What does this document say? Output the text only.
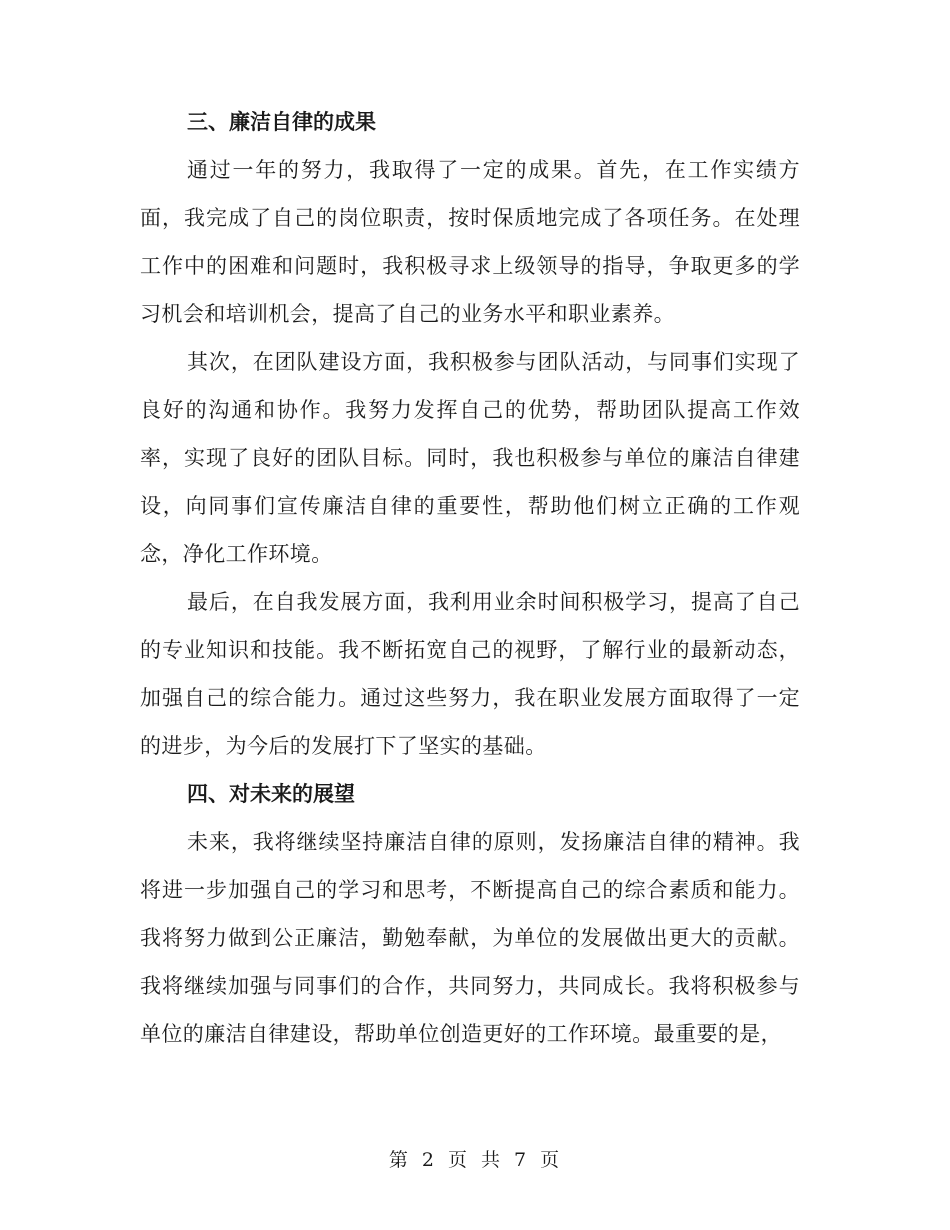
三、廉洁自律的成果

通过一年的努力，我取得了一定的成果。首先，在工作实绩方面，我完成了自己的岗位职责，按时保质地完成了各项任务。在处理工作中的困难和问题时，我积极寻求上级领导的指导，争取更多的学习机会和培训机会，提高了自己的业务水平和职业素养。

其次，在团队建设方面，我积极参与团队活动，与同事们实现了良好的沟通和协作。我努力发挥自己的优势，帮助团队提高工作效率，实现了良好的团队目标。同时，我也积极参与单位的廉洁自律建设，向同事们宣传廉洁自律的重要性，帮助他们树立正确的工作观念，净化工作环境。

最后，在自我发展方面，我利用业余时间积极学习，提高了自己的专业知识和技能。我不断拓宽自己的视野，了解行业的最新动态，加强自己的综合能力。通过这些努力，我在职业发展方面取得了一定的进步，为今后的发展打下了坚实的基础。

四、对未来的展望

未来，我将继续坚持廉洁自律的原则，发扬廉洁自律的精神。我将进一步加强自己的学习和思考，不断提高自己的综合素质和能力。我将努力做到公正廉洁，勤勉奉献，为单位的发展做出更大的贡献。我将继续加强与同事们的合作，共同努力，共同成长。我将积极参与单位的廉洁自律建设，帮助单位创造更好的工作环境。最重要的是，

第 2 页 共 7 页
